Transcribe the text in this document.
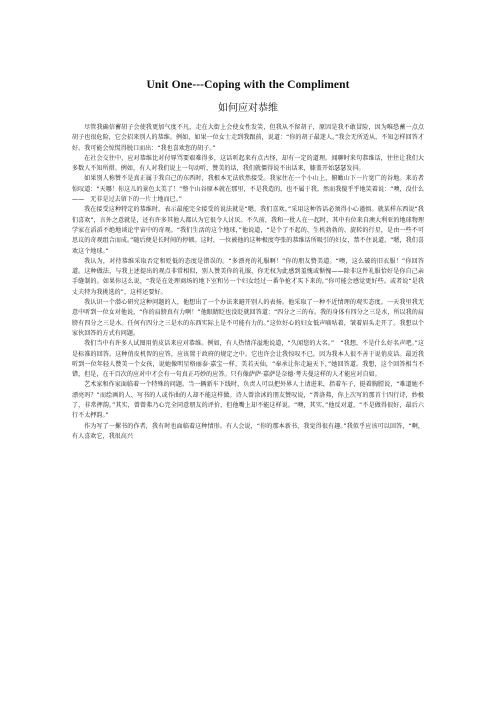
Unit One---Coping with the Compliment
如何应对恭维

尽管我确信蓄胡子会使我更加气度不凡，走在大街上会使女性发笑，但我从不留胡子，原因是我不敢冒险，因为唯恐蓄一点点胡子也很危险，它会招来别人的恭维。例如，如果一位女士走到我跟前，说道：“你的胡子最迷人。”我会无所适从，不知怎样回答才好。我可能会惊慌得脱口而出：“我也喜欢您的胡子。”

在社会交往中，应对恭维比对付辱骂要艰难得多，这话听起来有点古怪，却有一定的道理。闻聊时来句恭维话，往往让我们大多数人不知所措。例如，有人对我们说上一句动听、赞美的话，我们就僵得说不出话来，膝盖开始瑟瑟发抖。

如果别人称赞不是真正属于我自己的东西时，我根本无法欣然接受。我家住在一个小山上，俯瞰山下一片宽广的谷地。来访者惊叹道：“天哪！你这儿的景色太美了！”整个山谷原本就在那里，不是我造的，也不属于我。然而我傻乎乎地笑着说：“噢，没什么——　无非是过去留下的一片土地而已。”

我在接受这种特定的恭维时，表示最能完全接受的说法就是“嗯，我们喜欢。”采用这种答话必须得小心谨慎。就某样东西说“我们喜欢”，言外之意就是，还有许多其他人都认为它很令人讨厌。不久前，我和一批人在一起时，其中有位来自澳大利亚的地球物理学家在滔滔不绝地谈论宇宙中的奇观。“我们生活的这个地球，”他说道，“是个了不起的、生机勃勃的、旋转的行星，是由一些不可思议的奇观组合而成。”随后便是长时间的停顿。这时，一位被他的这种极度夸张的恭维话所吸引的妇女，禁不住说道，“嗯，我们喜欢这个地球。”

我认为，对待恭维采取否定和贬低的态度是错误的。“多漂亮的礼服啊！”你的朋友赞美道。“噢，这么破的旧衣服！”你回答道。这种做法，与我上述提出的观点非常相似，别人赞美你的礼服，你无权为此感到羞愧或惭愧——除非这件礼服恰好是你自己亲手缝制的。如果你这么说，“我是在处理商场的地下室和另一个妇女经过一番争抢才买下来的，”你可能会感觉更好些。或者说“是我丈夫特为我挑选的”，这样还要好。

我认识一个潜心研究这种问题的人，他想出了一个办法来避开别人的表扬。他采取了一种不近情理的观实态度。一天我里我无意中听到一位女对他说，“你的肩膀真有力啊！”他眼睛眨也没眨就回答道：“四分之三的布。我的身体有四分之三是水，所以我的肩膀有四分之三是水。任何有四分之三是水的东西实际上是不可能有力的。”这位好心的妇女低声嘀咕着，皱着眉头走开了。我想以个家伙回答的方式有问题。

我们当中有许多人试图用俏皮话来应对恭维。例如，有人热情洋溢地说道，“久闻您的大名。”　“我想，不是什么好名声吧。”这是标准的回答。这种俏皮机智的应答，应该置于政府的规定之中。它也许会让我惊叹不已，因为我本人很不善于说俏皮话。最近我听到一位年轻人赞美一个女孩，说她像明星格丽泰·嘉宝一样，美若天仙，“奉承让你走遍天下，”她回答道。我想，这个回答相当不错，但是，在千百次的应对中才会有一句真正巧妙的应答。只有像萨萨·嘉萨是奈德·考夫曼这样的人才能应对自如。

艺术家和作家面临着一个特殊的问题。当一辆新车下线时，负责人可以把外界人士请进来，指着车子，挺着胸膛说，“难道她不漂亮吗？”而绘画的人、写书的人或作曲的人却不能这样做。诗人曾涂沭的朋友赞叹说，“普洛弗，你上次写的那首十四行诗，妙极了，非常押韵。”其实，曾曾弗乃心完全同意朋友的评价，但他嘴上却不能这样说。“噢，其实，”他反对道，“不是做得很好，最后六行不太押韵。”

作为写了一摞书的作者，我有时也面临着这种情形。有人会说，“你的那本新书，我觉得很有趣。”我似乎应该可以回答，“啊，有人喜欢它，我很高兴
